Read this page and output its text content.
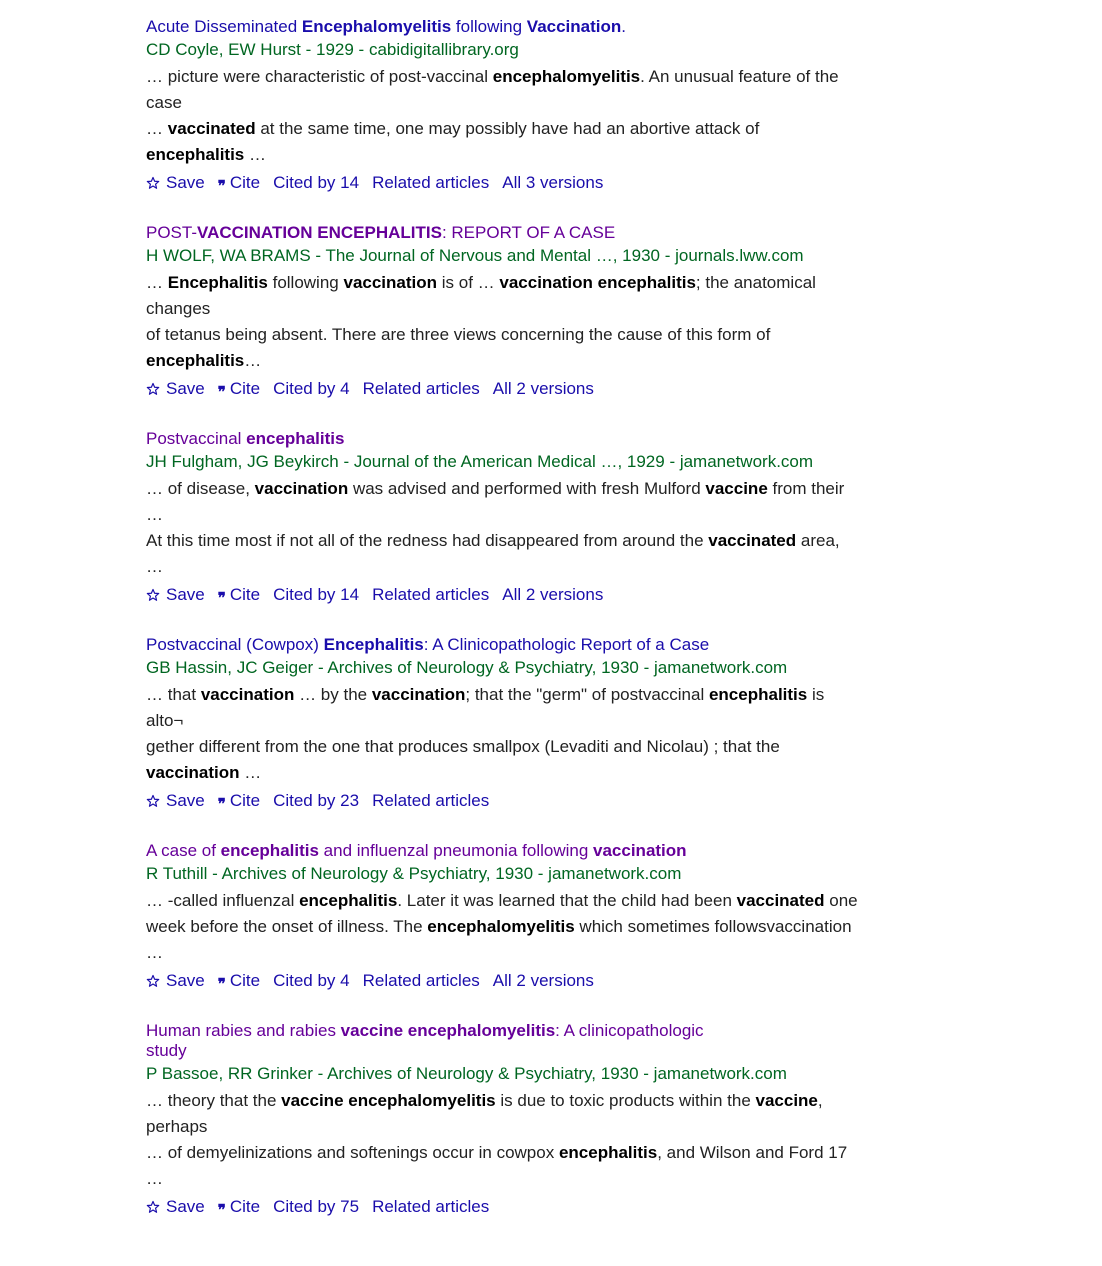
Acute Disseminated Encephalomyelitis following Vaccination.
CD Coyle, EW Hurst - 1929 - cabidigitallibrary.org
… picture were characteristic of post-vaccinal encephalomyelitis. An unusual feature of the case
… vaccinated at the same time, one may possibly have had an abortive attack of encephalitis …
Save ❞ Cite Cited by 14 Related articles All 3 versions
POST-VACCINATION ENCEPHALITIS: REPORT OF A CASE
H WOLF, WA BRAMS - The Journal of Nervous and Mental …, 1930 - journals.lww.com
… Encephalitis following vaccination is of … vaccination encephalitis; the anatomical changes
of tetanus being absent. There are three views concerning the cause of this form of encephalitis…
Save ❞ Cite Cited by 4 Related articles All 2 versions
Postvaccinal encephalitis
JH Fulgham, JG Beykirch - Journal of the American Medical …, 1929 - jamanetwork.com
… of disease, vaccination was advised and performed with fresh Mulford vaccine from their …
At this time most if not all of the redness had disappeared from around the vaccinated area, …
Save ❞ Cite Cited by 14 Related articles All 2 versions
Postvaccinal (Cowpox) Encephalitis: A Clinicopathologic Report of a Case
GB Hassin, JC Geiger - Archives of Neurology & Psychiatry, 1930 - jamanetwork.com
… that vaccination … by the vaccination; that the "germ" of postvaccinal encephalitis is alto¬
gether different from the one that produces smallpox (Levaditi and Nicolau) ; that the vaccination …
Save ❞ Cite Cited by 23 Related articles
A case of encephalitis and influenzal pneumonia following vaccination
R Tuthill - Archives of Neurology & Psychiatry, 1930 - jamanetwork.com
… -called influenzal encephalitis. Later it was learned that the child had been vaccinated one
week before the onset of illness. The encephalomyelitis which sometimes followsvaccination …
Save ❞ Cite Cited by 4 Related articles All 2 versions
Human rabies and rabies vaccine encephalomyelitis: A clinicopathologic study
P Bassoe, RR Grinker - Archives of Neurology & Psychiatry, 1930 - jamanetwork.com
… theory that the vaccine encephalomyelitis is due to toxic products within the vaccine, perhaps
… of demyelinizations and softenings occur in cowpox encephalitis, and Wilson and Ford 17 …
Save ❞ Cite Cited by 75 Related articles
